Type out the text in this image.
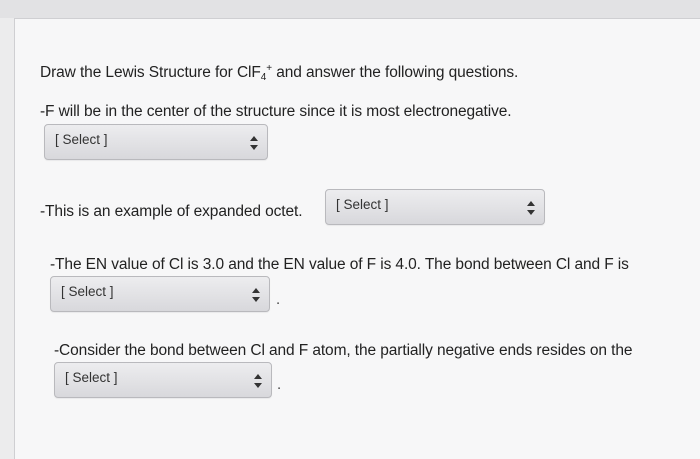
Draw the Lewis Structure for ClF4+ and answer the following questions.
-F will be in the center of the structure since it is most electronegative.
[ Select ]
-This is an example of expanded octet. [ Select ]
-The EN value of Cl is 3.0 and the EN value of F is 4.0. The bond between Cl and F is
[ Select ]	.
-Consider the bond between Cl and F atom, the partially negative ends resides on the
[ Select ]	.
